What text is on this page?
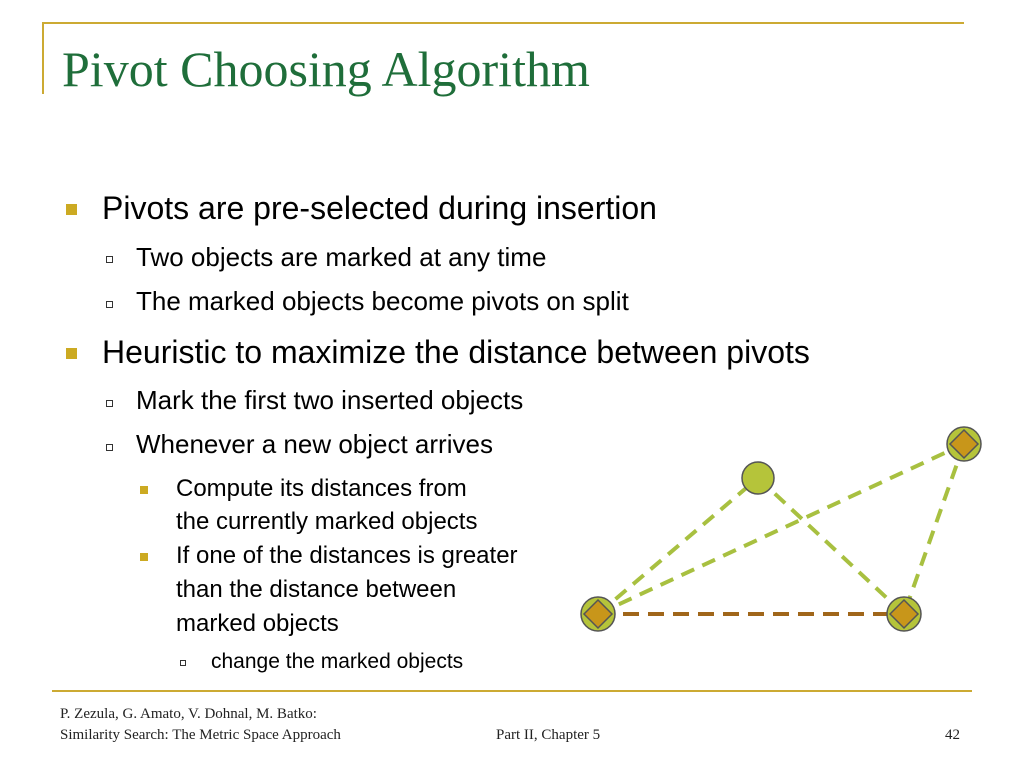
Pivot Choosing Algorithm
Pivots are pre-selected during insertion
Two objects are marked at any time
The marked objects become pivots on split
Heuristic to maximize the distance between pivots
Mark the first two inserted objects
Whenever a new object arrives
Compute its distances from
the currently marked objects
If one of the distances is greater
than the distance between
marked objects
change the marked objects
P. Zezula, G. Amato, V. Dohnal, M. Batko:
Similarity Search: The Metric Space Approach	Part II, Chapter 5	42
